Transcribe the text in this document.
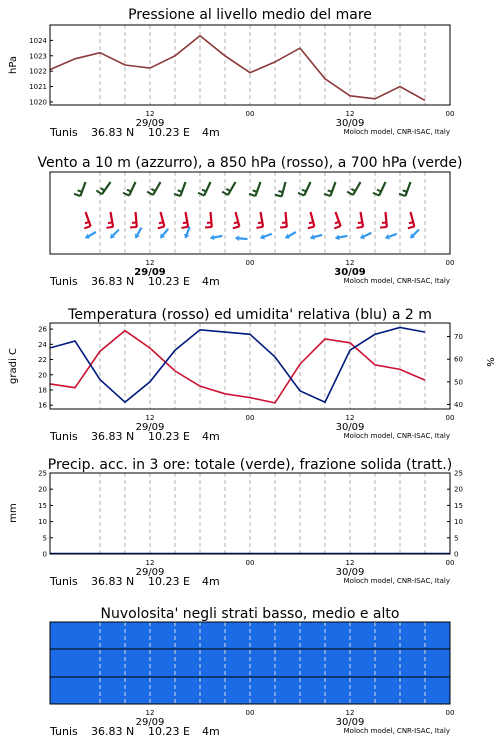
Pressione al livello medio del mare
Vento a 10 m (azzurro), a 850 hPa (rosso), a 700 hPa (verde)
Temperatura (rosso) ed umidita' relativa (blu) a 2 m
Precip. acc. in 3 ore: totale (verde), frazione solida (tratt.)
Nuvolosita' negli strati basso, medio e alto
1020
1021
1022
1023
1024
16
18
20
22
24
26
40
50
60
70
0
5
10
15
20
25
0
5
10
15
20
25
hPa
gradi C	%
mm
12	00	12	00
29/09	30/09
Tunis 36.83 N 10.23 E 4m	Moloch model, CNR-ISAC, Italy
12	00	12	00
29/09	30/09
Tunis 36.83 N 10.23 E 4m	Moloch model, CNR-ISAC, Italy
12	00	12	00
29/09	30/09
Tunis 36.83 N 10.23 E 4m	Moloch model, CNR-ISAC, Italy
12	00	12	00
29/09	30/09
Tunis 36.83 N 10.23 E 4m	Moloch model, CNR-ISAC, Italy
12	00	12	00
29/09	30/09
Tunis 36.83 N 10.23 E 4m	Moloch model, CNR-ISAC, Italy
